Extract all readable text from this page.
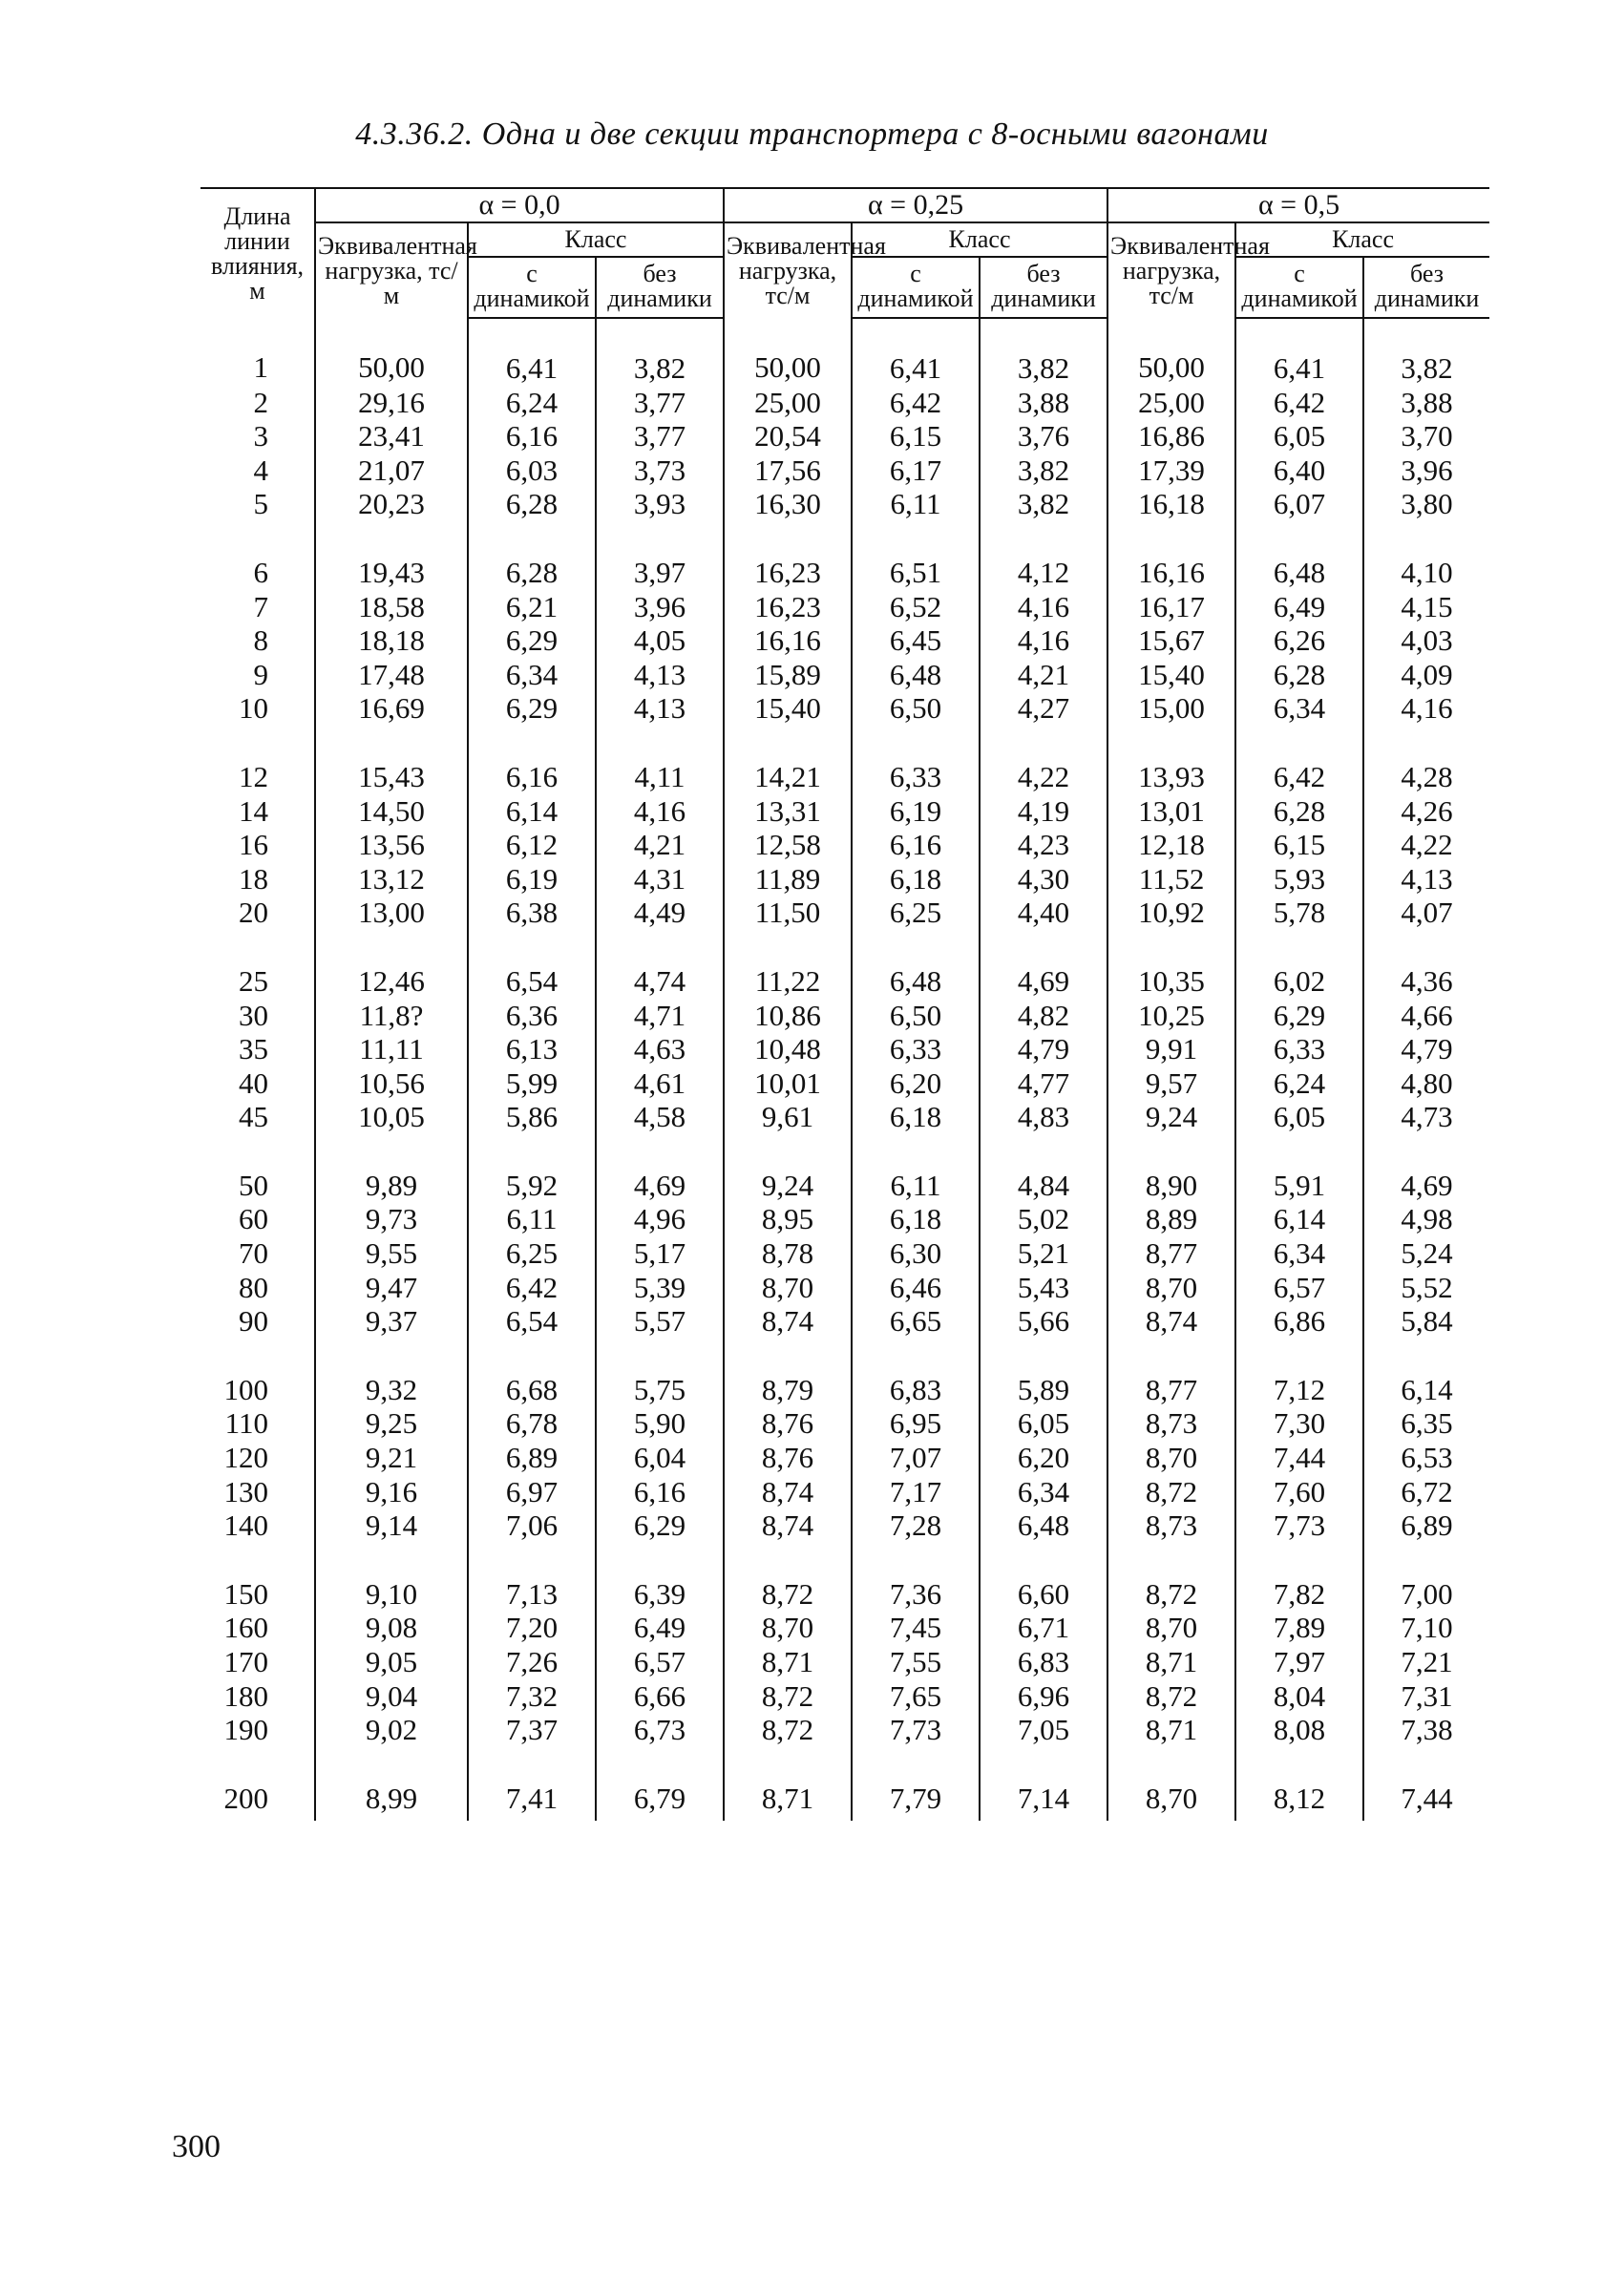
4.3.36.2. Одна и две секции транспортера с 8-осными вагонами
Длина линии влияния, м	α = 0,0			α = 0,25			α = 0,5		
	Эквивалентная нагрузка, тс/м	Класс		Эквивалентная нагрузка, тс/м	Класс		Эквивалентная нагрузка, тс/м	Класс	
		с динамикой	без динамики		с динамикой	без динамики		с динамикой	без динамики
1	50,00	6,41	3,82	50,00	6,41	3,82	50,00	6,41	3,82
2	29,16	6,24	3,77	25,00	6,42	3,88	25,00	6,42	3,88
3	23,41	6,16	3,77	20,54	6,15	3,76	16,86	6,05	3,70
4	21,07	6,03	3,73	17,56	6,17	3,82	17,39	6,40	3,96
5	20,23	6,28	3,93	16,30	6,11	3,82	16,18	6,07	3,80
6	19,43	6,28	3,97	16,23	6,51	4,12	16,16	6,48	4,10
7	18,58	6,21	3,96	16,23	6,52	4,16	16,17	6,49	4,15
8	18,18	6,29	4,05	16,16	6,45	4,16	15,67	6,26	4,03
9	17,48	6,34	4,13	15,89	6,48	4,21	15,40	6,28	4,09
10	16,69	6,29	4,13	15,40	6,50	4,27	15,00	6,34	4,16
12	15,43	6,16	4,11	14,21	6,33	4,22	13,93	6,42	4,28
14	14,50	6,14	4,16	13,31	6,19	4,19	13,01	6,28	4,26
16	13,56	6,12	4,21	12,58	6,16	4,23	12,18	6,15	4,22
18	13,12	6,19	4,31	11,89	6,18	4,30	11,52	5,93	4,13
20	13,00	6,38	4,49	11,50	6,25	4,40	10,92	5,78	4,07
25	12,46	6,54	4,74	11,22	6,48	4,69	10,35	6,02	4,36
30	11,8?	6,36	4,71	10,86	6,50	4,82	10,25	6,29	4,66
35	11,11	6,13	4,63	10,48	6,33	4,79	9,91	6,33	4,79
40	10,56	5,99	4,61	10,01	6,20	4,77	9,57	6,24	4,80
45	10,05	5,86	4,58	9,61	6,18	4,83	9,24	6,05	4,73
50	9,89	5,92	4,69	9,24	6,11	4,84	8,90	5,91	4,69
60	9,73	6,11	4,96	8,95	6,18	5,02	8,89	6,14	4,98
70	9,55	6,25	5,17	8,78	6,30	5,21	8,77	6,34	5,24
80	9,47	6,42	5,39	8,70	6,46	5,43	8,70	6,57	5,52
90	9,37	6,54	5,57	8,74	6,65	5,66	8,74	6,86	5,84
100	9,32	6,68	5,75	8,79	6,83	5,89	8,77	7,12	6,14
110	9,25	6,78	5,90	8,76	6,95	6,05	8,73	7,30	6,35
120	9,21	6,89	6,04	8,76	7,07	6,20	8,70	7,44	6,53
130	9,16	6,97	6,16	8,74	7,17	6,34	8,72	7,60	6,72
140	9,14	7,06	6,29	8,74	7,28	6,48	8,73	7,73	6,89
150	9,10	7,13	6,39	8,72	7,36	6,60	8,72	7,82	7,00
160	9,08	7,20	6,49	8,70	7,45	6,71	8,70	7,89	7,10
170	9,05	7,26	6,57	8,71	7,55	6,83	8,71	7,97	7,21
180	9,04	7,32	6,66	8,72	7,65	6,96	8,72	8,04	7,31
190	9,02	7,37	6,73	8,72	7,73	7,05	8,71	8,08	7,38
200	8,99	7,41	6,79	8,71	7,79	7,14	8,70	8,12	7,44
300
